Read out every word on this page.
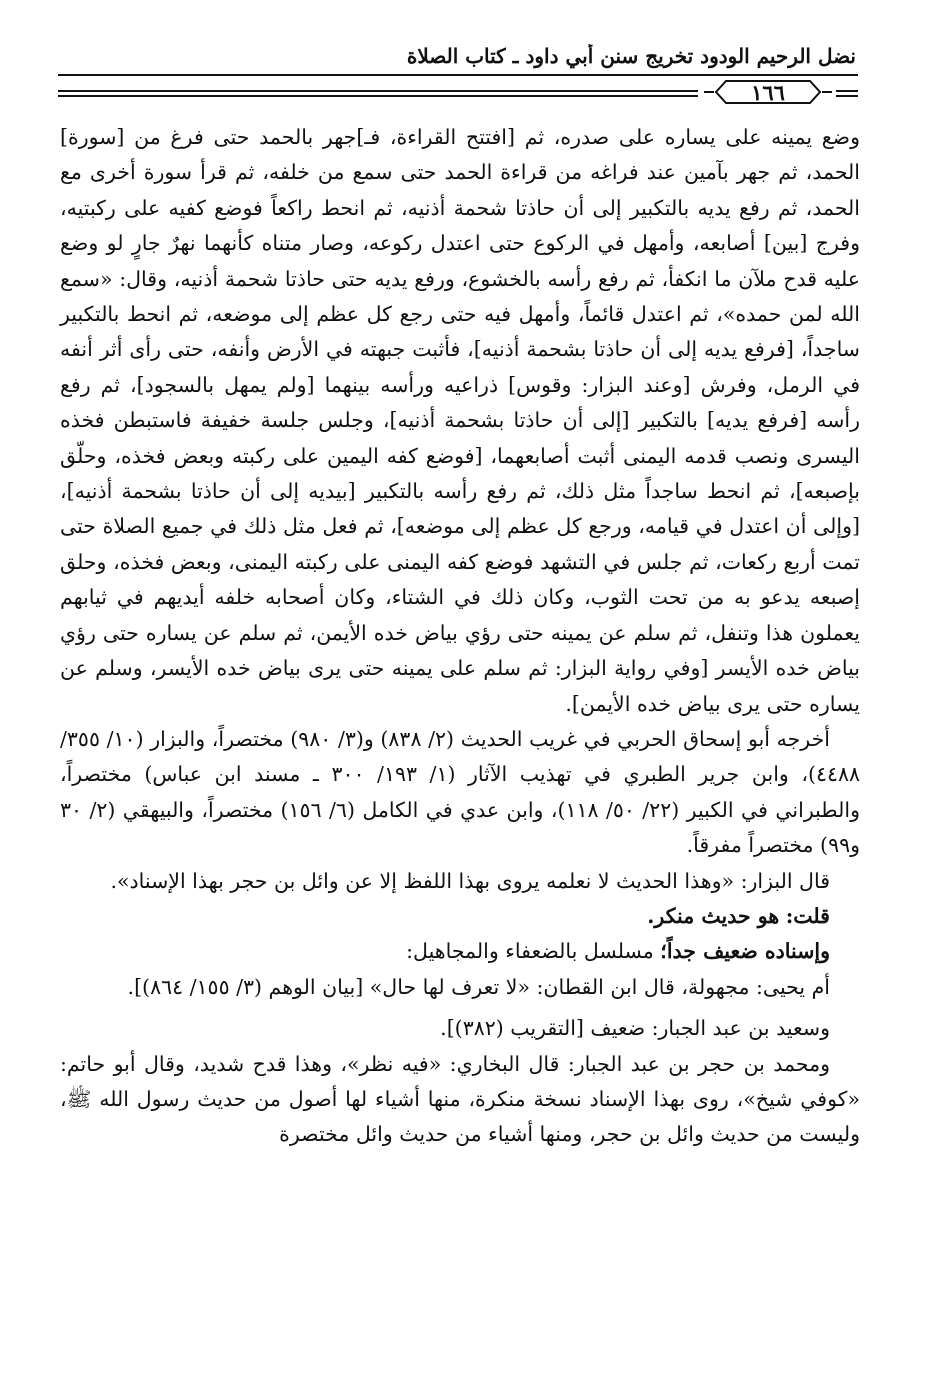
نضل الرحيم الودود تخريج سنن أبي داود ـ كتاب الصلاة
١٦٦

وضع يمينه على يساره على صدره، ثم [افتتح القراءة، فـ]جهر بالحمد حتى فرغ من [سورة] الحمد، ثم جهر بآمين عند فراغه من قراءة الحمد حتى سمع من خلفه، ثم قرأ سورة أخرى مع الحمد، ثم رفع يديه بالتكبير إلى أن حاذتا شحمة أذنيه، ثم انحط راكعاً فوضع كفيه على ركبتيه، وفرج [بين] أصابعه، وأمهل في الركوع حتى اعتدل ركوعه، وصار متناه كأنهما نهرٌ جارٍ لو وضع عليه قدح ملآن ما انكفأ، ثم رفع رأسه بالخشوع، ورفع يديه حتى حاذتا شحمة أذنيه، وقال: «سمع الله لمن حمده»، ثم اعتدل قائماً، وأمهل فيه حتى رجع كل عظم إلى موضعه، ثم انحط بالتكبير ساجداً، [فرفع يديه إلى أن حاذتا بشحمة أذنيه]، فأثبت جبهته في الأرض وأنفه، حتى رأى أثر أنفه في الرمل، وفرش [وعند البزار: وقوس] ذراعيه ورأسه بينهما [ولم يمهل بالسجود]، ثم رفع رأسه [فرفع يديه] بالتكبير [إلى أن حاذتا بشحمة أذنيه]، وجلس جلسة خفيفة فاستبطن فخذه اليسرى ونصب قدمه اليمنى أثبت أصابعهما، [فوضع كفه اليمين على ركبته وبعض فخذه، وحلّق بإصبعه]، ثم انحط ساجداً مثل ذلك، ثم رفع رأسه بالتكبير [بيديه إلى أن حاذتا بشحمة أذنيه]، [وإلى أن اعتدل في قيامه، ورجع كل عظم إلى موضعه]، ثم فعل مثل ذلك في جميع الصلاة حتى تمت أربع ركعات، ثم جلس في التشهد فوضع كفه اليمنى على ركبته اليمنى، وبعض فخذه، وحلق إصبعه يدعو به من تحت الثوب، وكان ذلك في الشتاء، وكان أصحابه خلفه أيديهم في ثيابهم يعملون هذا وتنفل، ثم سلم عن يمينه حتى رؤي بياض خده الأيمن، ثم سلم عن يساره حتى رؤي بياض خده الأيسر [وفي رواية البزار: ثم سلم على يمينه حتى يرى بياض خده الأيسر، وسلم عن يساره حتى يرى بياض خده الأيمن].

أخرجه أبو إسحاق الحربي في غريب الحديث (٢/ ٨٣٨) و(٣/ ٩٨٠) مختصراً، والبزار (١٠/ ٣٥٥/ ٤٤٨٨)، وابن جرير الطبري في تهذيب الآثار (١/ ١٩٣/ ٣٠٠ ـ مسند ابن عباس) مختصراً، والطبراني في الكبير (٢٢/ ٥٠/ ١١٨)، وابن عدي في الكامل (٦/ ١٥٦) مختصراً، والبيهقي (٢/ ٣٠ و٩٩) مختصراً مفرقاً.

قال البزار: «وهذا الحديث لا نعلمه يروى بهذا اللفظ إلا عن وائل بن حجر بهذا الإسناد».

قلت: هو حديث منكر.

وإسناده ضعيف جداً؛ مسلسل بالضعفاء والمجاهيل:

أم يحيى: مجهولة، قال ابن القطان: «لا تعرف لها حال» [بيان الوهم (٣/ ١٥٥/ ٨٦٤)].

وسعيد بن عبد الجبار: ضعيف [التقريب (٣٨٢)].

ومحمد بن حجر بن عبد الجبار: قال البخاري: «فيه نظر»، وهذا قدح شديد، وقال أبو حاتم: «كوفي شيخ»، روى بهذا الإسناد نسخة منكرة، منها أشياء لها أصول من حديث رسول الله ﷺ، وليست من حديث وائل بن حجر، ومنها أشياء من حديث وائل مختصرة
